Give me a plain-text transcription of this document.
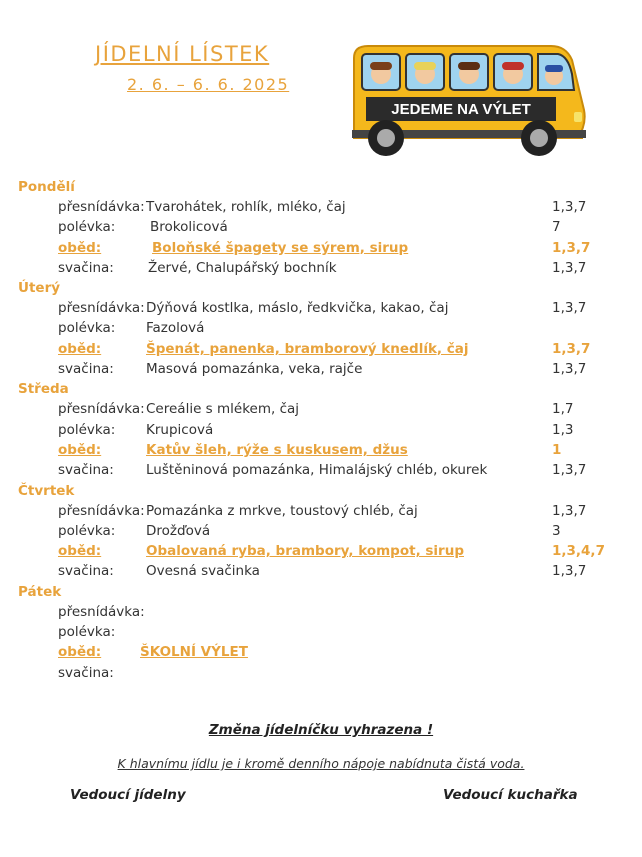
JÍDELNÍ LÍSTEK
2. 6. – 6. 6. 2025
JEDEME NA VÝLET
Pondělí
přesnídávka: Tvarohátek, rohlík, mléko, čaj	1,3,7
polévka:	Brokolicová	7
oběd:	Boloňské špagety se sýrem, sirup	1,3,7
svačina:	Žervé, Chalupářský bochník	1,3,7
Úterý
přesnídávka: Dýňová kostlka, máslo, ředkvička, kakao, čaj	1,3,7
polévka: Fazolová
oběd:	Špenát, panenka, bramborový knedlík, čaj	1,3,7
svačina: Masová pomazánka, veka, rajče	1,3,7
Středa
přesnídávka: Cereálie s mlékem, čaj	1,7
polévka: Krupicová	1,3
oběd:	Katův šleh, rýže s kuskusem, džus	1
svačina: Luštěninová pomazánka, Himalájský chléb, okurek	1,3,7
Čtvrtek
přesnídávka: Pomazánka z mrkve, toustový chléb, čaj	1,3,7
polévka: Drožďová	3
oběd:	Obalovaná ryba, brambory, kompot, sirup	1,3,4,7
svačina: Ovesná svačinka	1,3,7
Pátek
přesnídávka:
polévka:
oběd:	ŠKOLNÍ VÝLET
svačina:
Změna jídelníčku vyhrazena !
K hlavnímu jídlu je i kromě denního nápoje nabídnuta čistá voda.
Vedoucí jídelny	Vedoucí kuchařka
